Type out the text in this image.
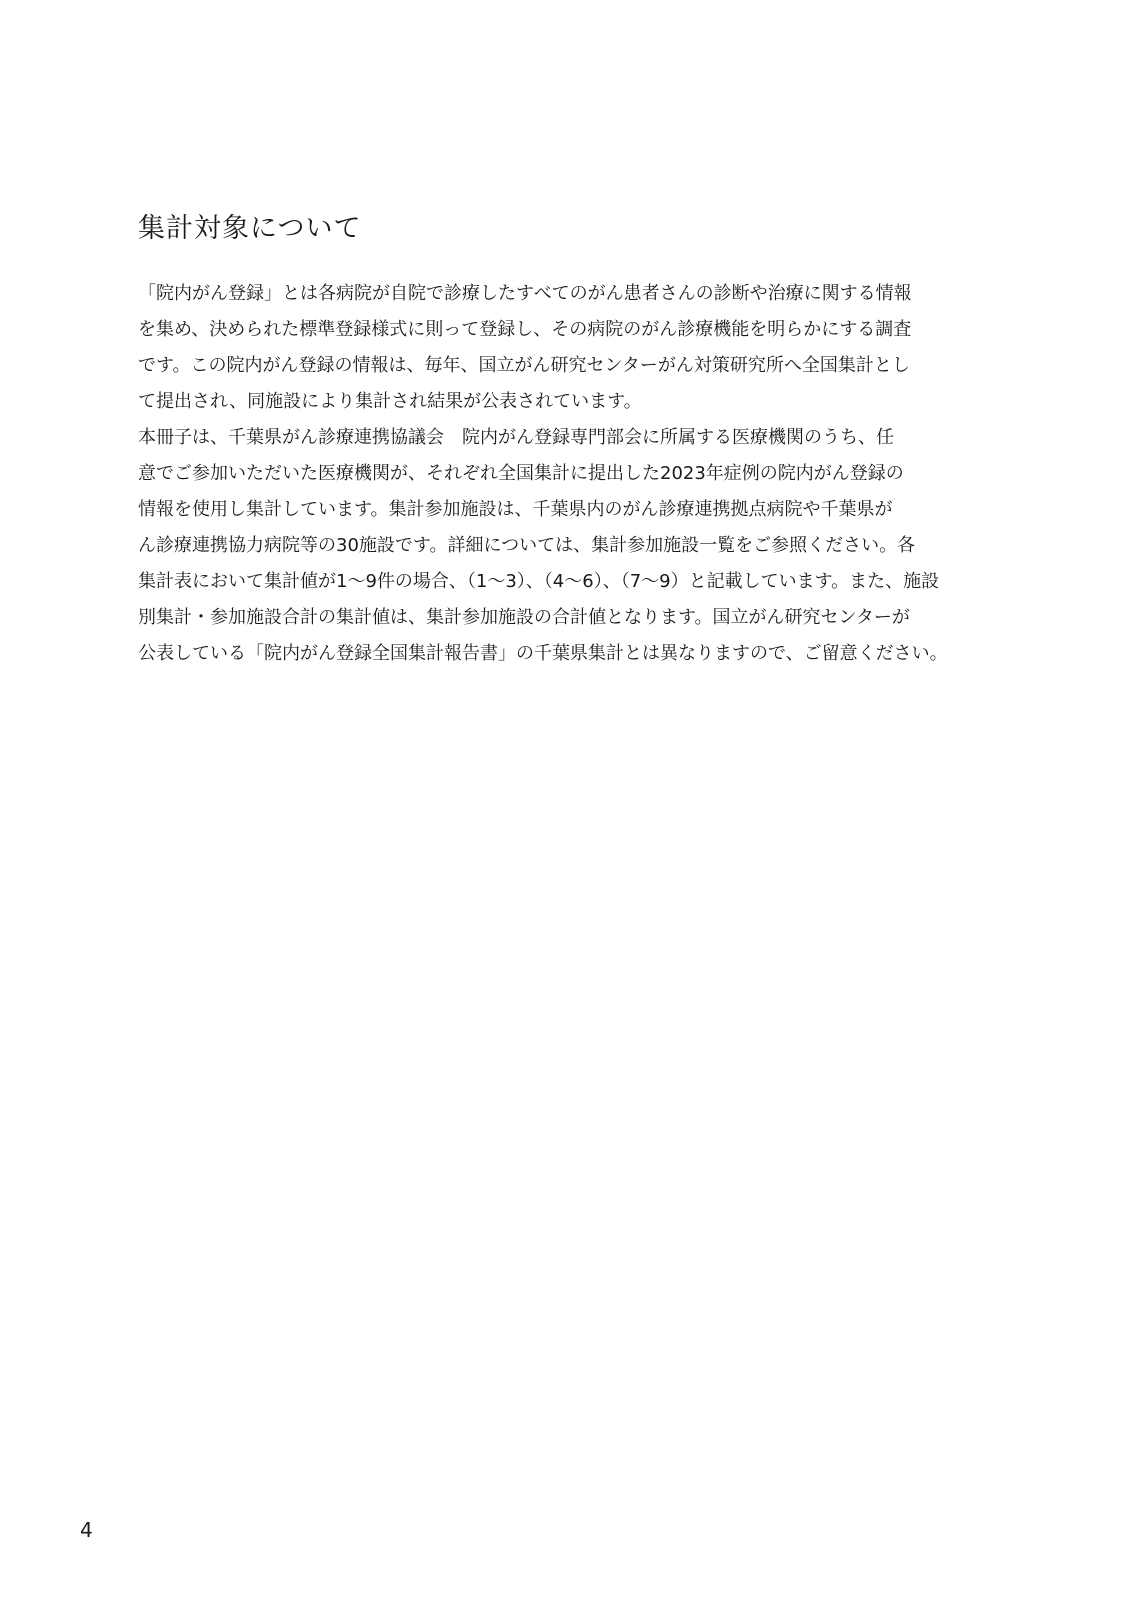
集計対象について
「院内がん登録」とは各病院が自院で診療したすべてのがん患者さんの診断や治療に関する情報
を集め、決められた標準登録様式に則って登録し、その病院のがん診療機能を明らかにする調査
です。この院内がん登録の情報は、毎年、国立がん研究センターがん対策研究所へ全国集計とし
て提出され、同施設により集計され結果が公表されています。
本冊子は、千葉県がん診療連携協議会　院内がん登録専門部会に所属する医療機関のうち、任
意でご参加いただいた医療機関が、それぞれ全国集計に提出した2023年症例の院内がん登録の
情報を使用し集計しています。集計参加施設は、千葉県内のがん診療連携拠点病院や千葉県が
ん診療連携協力病院等の30施設です。詳細については、集計参加施設一覧をご参照ください。各
集計表において集計値が1～9件の場合、（1～3）、（4～6）、（7～9）と記載しています。また、施設
別集計・参加施設合計の集計値は、集計参加施設の合計値となります。国立がん研究センターが
公表している「院内がん登録全国集計報告書」の千葉県集計とは異なりますので、ご留意ください。
4
